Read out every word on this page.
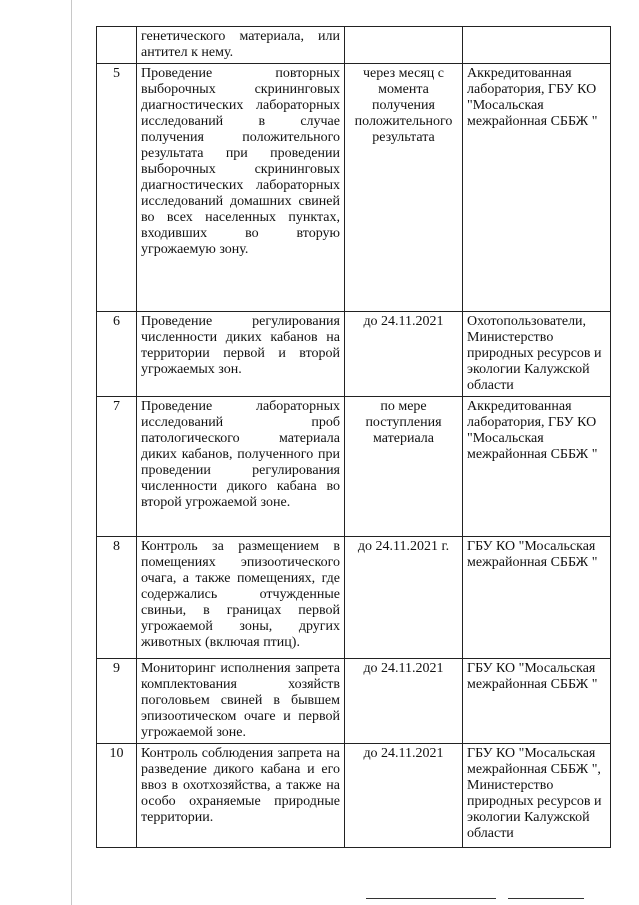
	генетического материала, или антител к нему.		
5	Проведение повторных выборочных скрининговых диагностических лабораторных исследований в случае получения положительного результата при проведении выборочных скрининговых диагностических лабораторных исследований домашних свиней во всех населенных пунктах, входивших во вторую угрожаемую зону.	через месяц с момента получения положительного результата	Аккредитованная лаборатория, ГБУ КО "Мосальская межрайонная СББЖ "
6	Проведение регулирования численности диких кабанов на территории первой и второй угрожаемых зон.	до 24.11.2021	Охотопользователи, Министерство природных ресурсов и экологии Калужской области
7	Проведение лабораторных исследований проб патологического материала диких кабанов, полученного при проведении регулирования численности дикого кабана во второй угрожаемой зоне.	по мере поступления материала	Аккредитованная лаборатория, ГБУ КО "Мосальская межрайонная СББЖ "
8	Контроль за размещением в помещениях эпизоотического очага, а также помещениях, где содержались отчужденные свиньи, в границах первой угрожаемой зоны, других животных (включая птиц).	до 24.11.2021 г.	ГБУ КО "Мосальская межрайонная СББЖ "
9	Мониторинг исполнения запрета комплектования хозяйств поголовьем свиней в бывшем эпизоотическом очаге и первой угрожаемой зоне.	до 24.11.2021	ГБУ КО "Мосальская межрайонная СББЖ "
10	Контроль соблюдения запрета на разведение дикого кабана и его ввоз в охотхозяйства, а также на особо охраняемые природные территории.	до 24.11.2021	ГБУ КО "Мосальская межрайонная СББЖ ", Министерство природных ресурсов и экологии Калужской области
